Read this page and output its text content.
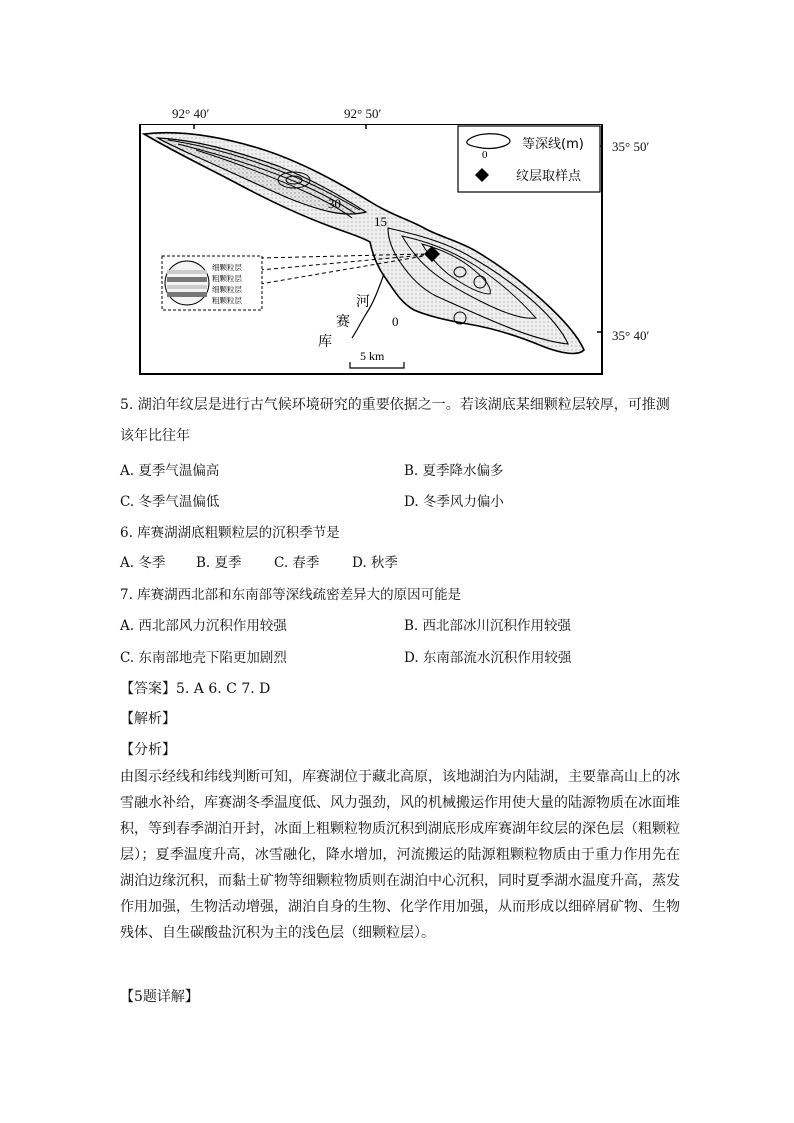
92° 40′	92° 50′
35° 50′
35° 40′
30
15
0
细颗粒层
粗颗粒层
细颗粒层
粗颗粒层	河
赛
库
5 km
0
等深线(m)
纹层取样点
5. 湖泊年纹层是进行古气候环境研究的重要依据之一。若该湖底某细颗粒层较厚，可推测
该年比往年
A. 夏季气温偏高	B. 夏季降水偏多
C. 冬季气温偏低	D. 冬季风力偏小
6. 库赛湖湖底粗颗粒层的沉积季节是
A. 冬季 B. 夏季 C. 春季 D. 秋季
7. 库赛湖西北部和东南部等深线疏密差异大的原因可能是
A. 西北部风力沉积作用较强	B. 西北部冰川沉积作用较强
C. 东南部地壳下陷更加剧烈	D. 东南部流水沉积作用较强
【答案】5. A 6. C 7. D
【解析】
【分析】
由图示经线和纬线判断可知，库赛湖位于藏北高原，该地湖泊为内陆湖，主要靠高山上的冰雪融水补给，库赛湖冬季温度低、风力强劲，风的机械搬运作用使大量的陆源物质在冰面堆积，等到春季湖泊开封，冰面上粗颗粒物质沉积到湖底形成库赛湖年纹层的深色层（粗颗粒层）；夏季温度升高，冰雪融化，降水增加，河流搬运的陆源粗颗粒物质由于重力作用先在湖泊边缘沉积，而黏土矿物等细颗粒物质则在湖泊中心沉积，同时夏季湖水温度升高，蒸发作用加强，生物活动增强，湖泊自身的生物、化学作用加强，从而形成以细碎屑矿物、生物残体、自生碳酸盐沉积为主的浅色层（细颗粒层）。
【5题详解】
